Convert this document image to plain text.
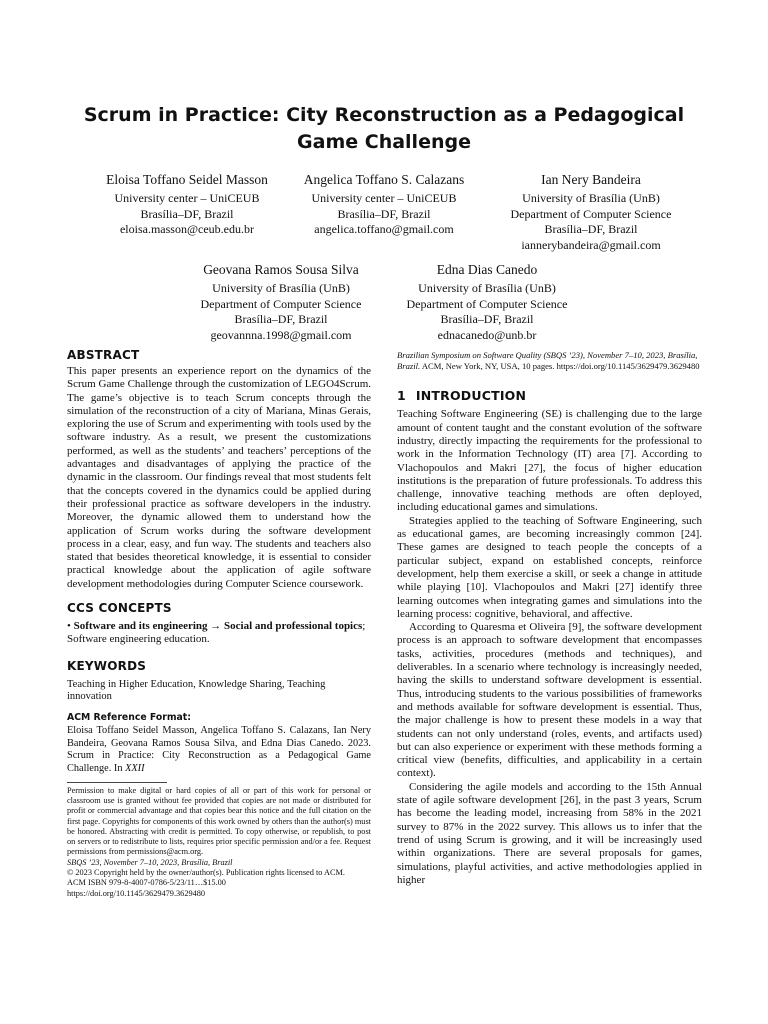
Scrum in Practice: City Reconstruction as a Pedagogical Game Challenge
Eloisa Toffano Seidel Masson
University center – UniCEUB
Brasília–DF, Brazil
eloisa.masson@ceub.edu.br
Angelica Toffano S. Calazans
University center – UniCEUB
Brasília–DF, Brazil
angelica.toffano@gmail.com
Ian Nery Bandeira
University of Brasília (UnB)
Department of Computer Science
Brasília–DF, Brazil
iannerybandeira@gmail.com
Geovana Ramos Sousa Silva
University of Brasília (UnB)
Department of Computer Science
Brasília–DF, Brazil
geovannna.1998@gmail.com
Edna Dias Canedo
University of Brasília (UnB)
Department of Computer Science
Brasília–DF, Brazil
ednacanedo@unb.br
ABSTRACT

This paper presents an experience report on the dynamics of the Scrum Game Challenge through the customization of LEGO4Scrum. The game’s objective is to teach Scrum concepts through the simulation of the reconstruction of a city of Mariana, Minas Gerais, exploring the use of Scrum and experimenting with tools used by the software industry. As a result, we present the customizations performed, as well as the students’ and teachers’ perceptions of the advantages and disadvantages of applying the practice of the dynamic in the classroom. Our findings reveal that most students felt that the concepts covered in the dynamics could be applied during their professional practice as software developers in the industry. Moreover, the dynamic allowed them to understand how the application of Scrum works during the software development process in a clear, easy, and fun way. The students and teachers also stated that besides theoretical knowledge, it is essential to consider practical knowledge about the application of agile software development methodologies during Computer Science coursework.

CCS CONCEPTS

• Software and its engineering → Social and professional topics; Software engineering education.

KEYWORDS

Teaching in Higher Education, Knowledge Sharing, Teaching innovation

ACM Reference Format:

Eloisa Toffano Seidel Masson, Angelica Toffano S. Calazans, Ian Nery Bandeira, Geovana Ramos Sousa Silva, and Edna Dias Canedo. 2023. Scrum in Practice: City Reconstruction as a Pedagogical Game Challenge. In XXII

Permission to make digital or hard copies of all or part of this work for personal or classroom use is granted without fee provided that copies are not made or distributed for profit or commercial advantage and that copies bear this notice and the full citation on the first page. Copyrights for components of this work owned by others than the author(s) must be honored. Abstracting with credit is permitted. To copy otherwise, or republish, to post on servers or to redistribute to lists, requires prior specific permission and/or a fee. Request permissions from permissions@acm.org.
SBQS ’23, November 7–10, 2023, Brasília, Brazil
© 2023 Copyright held by the owner/author(s). Publication rights licensed to ACM.
ACM ISBN 979-8-4007-0786-5/23/11…$15.00
https://doi.org/10.1145/3629479.3629480

Brazilian Symposium on Software Quality (SBQS ’23), November 7–10, 2023, Brasília, Brazil. ACM, New York, NY, USA, 10 pages. https://doi.org/10.1145/3629479.3629480

1 INTRODUCTION

Teaching Software Engineering (SE) is challenging due to the large amount of content taught and the constant evolution of the software industry, directly impacting the requirements for the professional to work in the Information Technology (IT) area [7]. According to Vlachopoulos and Makri [27], the focus of higher education institutions is the preparation of future professionals. To address this challenge, innovative teaching methods are often deployed, including educational games and simulations.

Strategies applied to the teaching of Software Engineering, such as educational games, are becoming increasingly common [24]. These games are designed to teach people the concepts of a particular subject, expand on established concepts, reinforce development, help them exercise a skill, or seek a change in attitude while playing [10]. Vlachopoulos and Makri [27] identify three learning outcomes when integrating games and simulations into the learning process: cognitive, behavioral, and affective.

According to Quaresma et Oliveira [9], the software development process is an approach to software development that encompasses tasks, activities, procedures (methods and techniques), and deliverables. In a scenario where technology is increasingly needed, having the skills to understand software development is essential. Thus, introducing students to the various possibilities of frameworks and methods available for software development is essential. Thus, the major challenge is how to present these models in a way that students can not only understand (roles, events, and artifacts used) but can also experience or experiment with these methods forming a critical view (benefits, difficulties, and applicability in a certain context).

Considering the agile models and according to the 15th Annual state of agile software development [26], in the past 3 years, Scrum has become the leading model, increasing from 58% in the 2021 survey to 87% in the 2022 survey. This allows us to infer that the trend of using Scrum is growing, and it will be increasingly used within organizations. There are several proposals for games, simulations, playful activities, and active methodologies applied in higher
